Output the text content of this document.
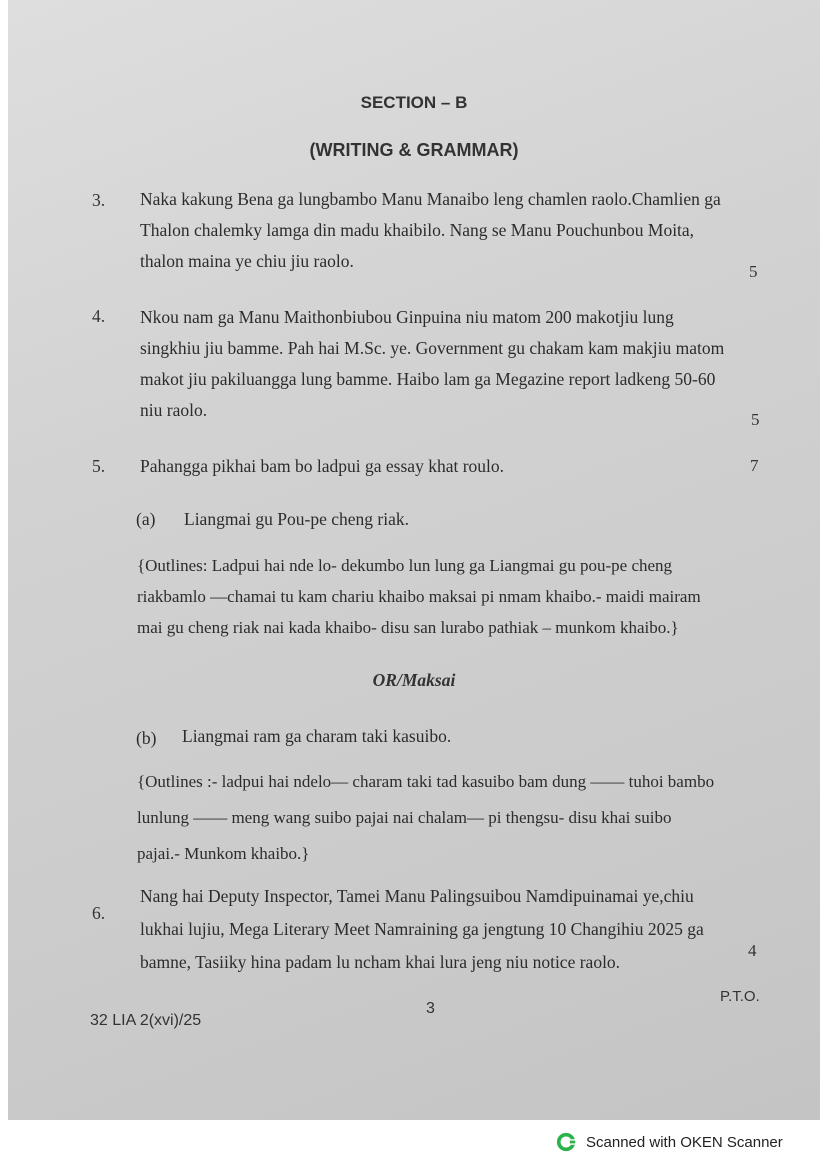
SECTION – B
(WRITING & GRAMMAR)
3. Naka kakung Bena ga lungbambo Manu Manaibo leng chamlen raolo.Chamlien ga
Thalon chalemky lamga din madu khaibilo. Nang se Manu Pouchunbou Moita,
thalon maina ye chiu jiu raolo.
5
4. Nkou nam ga Manu Maithonbiubou Ginpuina niu matom 200 makotjiu lung
singkhiu jiu bamme. Pah hai M.Sc. ye. Government gu chakam kam makjiu matom
makot jiu pakiluangga lung bamme. Haibo lam ga Megazine report ladkeng 50-60
niu raolo.	5
5. Pahangga pikhai bam bo ladpui ga essay khat roulo.	7
(a) Liangmai gu Pou-pe cheng riak.
{Outlines: Ladpui hai nde lo- dekumbo lun lung ga Liangmai gu pou-pe cheng
riakbamlo —chamai tu kam chariu khaibo maksai pi nmam khaibo.- maidi mairam
mai gu cheng riak nai kada khaibo- disu san lurabo pathiak – munkom khaibo.}
OR/Maksai
(b) Liangmai ram ga charam taki kasuibo.
{Outlines :- ladpui hai ndelo— charam taki tad kasuibo bam dung —— tuhoi bambo
lunlung —— meng wang suibo pajai nai chalam— pi thengsu- disu khai suibo
pajai.- Munkom khaibo.}
6.
Nang hai Deputy Inspector, Tamei Manu Palingsuibou Namdipuinamai ye,chiu
lukhai lujiu, Mega Literary Meet Namraining ga jengtung 10 Changihiu 2025 ga
bamne, Tasiiky hina padam lu ncham khai lura jeng niu notice raolo.
4
P.T.O.
3
32 LIA 2(xvi)/25
Scanned with OKEN Scanner
